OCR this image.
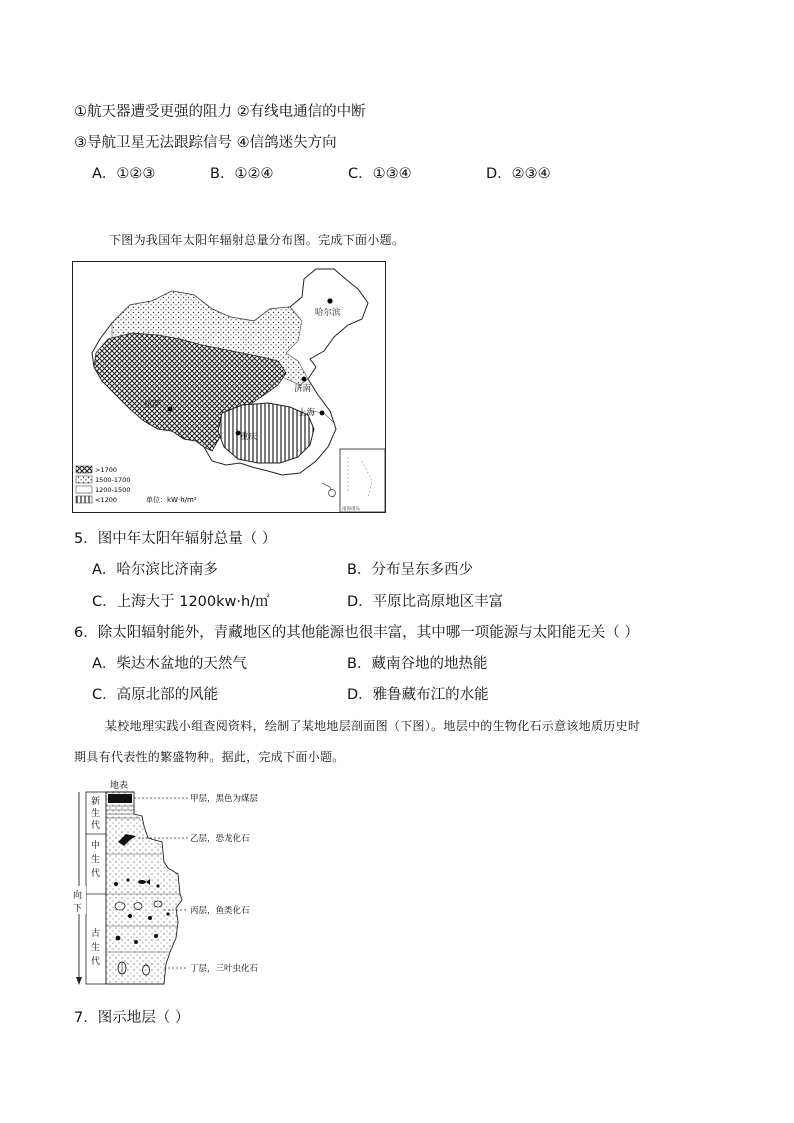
①航天器遭受更强的阻力 ②有线电通信的中断
③导航卫星无法跟踪信号 ④信鸽迷失方向
A．①②③	B．①②④	C．①③④	D．②③④
下图为我国年太阳年辐射总量分布图。完成下面小题。
哈尔滨
济南
上海
拉萨
重庆
南海诸岛
>1700
1500-1700
1200-1500
<1200	单位：kW·h/m²
5．图中年太阳年辐射总量（ ）
A．哈尔滨比济南多	B．分布呈东多西少
C．上海大于 1200kw·h/㎡	D．平原比高原地区丰富
6．除太阳辐射能外，青藏地区的其他能源也很丰富，其中哪一项能源与太阳能无关（ ）
A．柴达木盆地的天然气	B．藏南谷地的地热能
C．高原北部的风能	D．雅鲁藏布江的水能
某校地理实践小组查阅资料，绘制了某地地层剖面图（下图）。地层中的生物化石示意该地质历史时
期具有代表性的繁盛物种。据此，完成下面小题。
地表
新
生
代
中
生
代
古
生
代
向
下
甲层，黑色为煤层
乙层，恐龙化石
丙层，鱼类化石
丁层，三叶虫化石
7．图示地层（ ）
